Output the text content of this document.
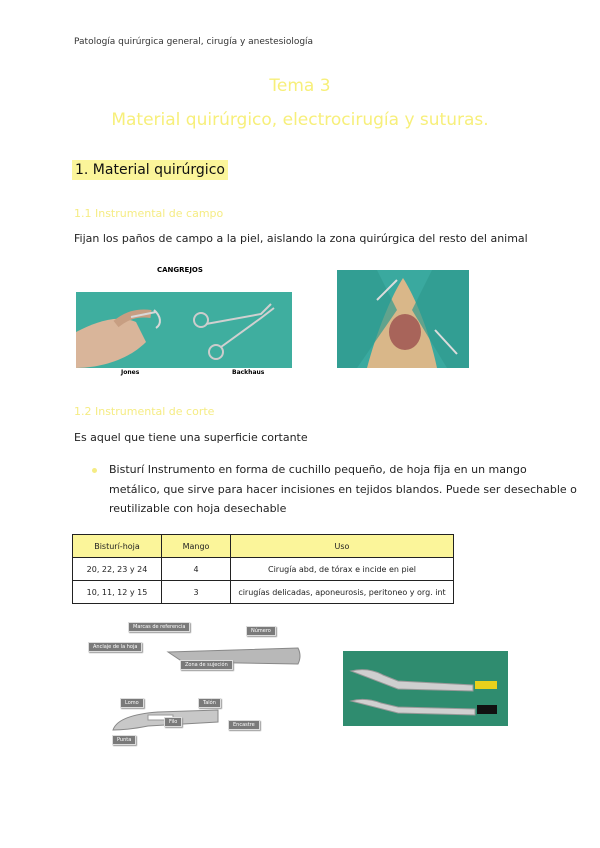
Patología quirúrgica general, cirugía y anestesiología
Tema 3
Material quirúrgico, electrocirugía y suturas.
1. Material quirúrgico
1.1 Instrumental de campo
Fijan los paños de campo a la piel, aislando la zona quirúrgica del resto del animal
CANGREJOS
Jones	Backhaus
1.2 Instrumental de corte
Es aquel que tiene una superficie cortante
Bisturí Instrumento en forma de cuchillo pequeño, de hoja fija en un mango
metálico, que sirve para hacer incisiones en tejidos blandos. Puede ser desechable o
reutilizable con hoja desechable
Bisturí-hoja	Mango	Uso
20, 22, 23 y 24	4	Cirugía abd, de tórax e incide en piel
10, 11, 12 y 15	3	cirugías delicadas, aponeurosis, peritoneo y org. int
Marcas de referencia
Número
Anclaje de la hoja
Zona de sujeción
Lomo	Talón
Filo
Punta
Encastre
